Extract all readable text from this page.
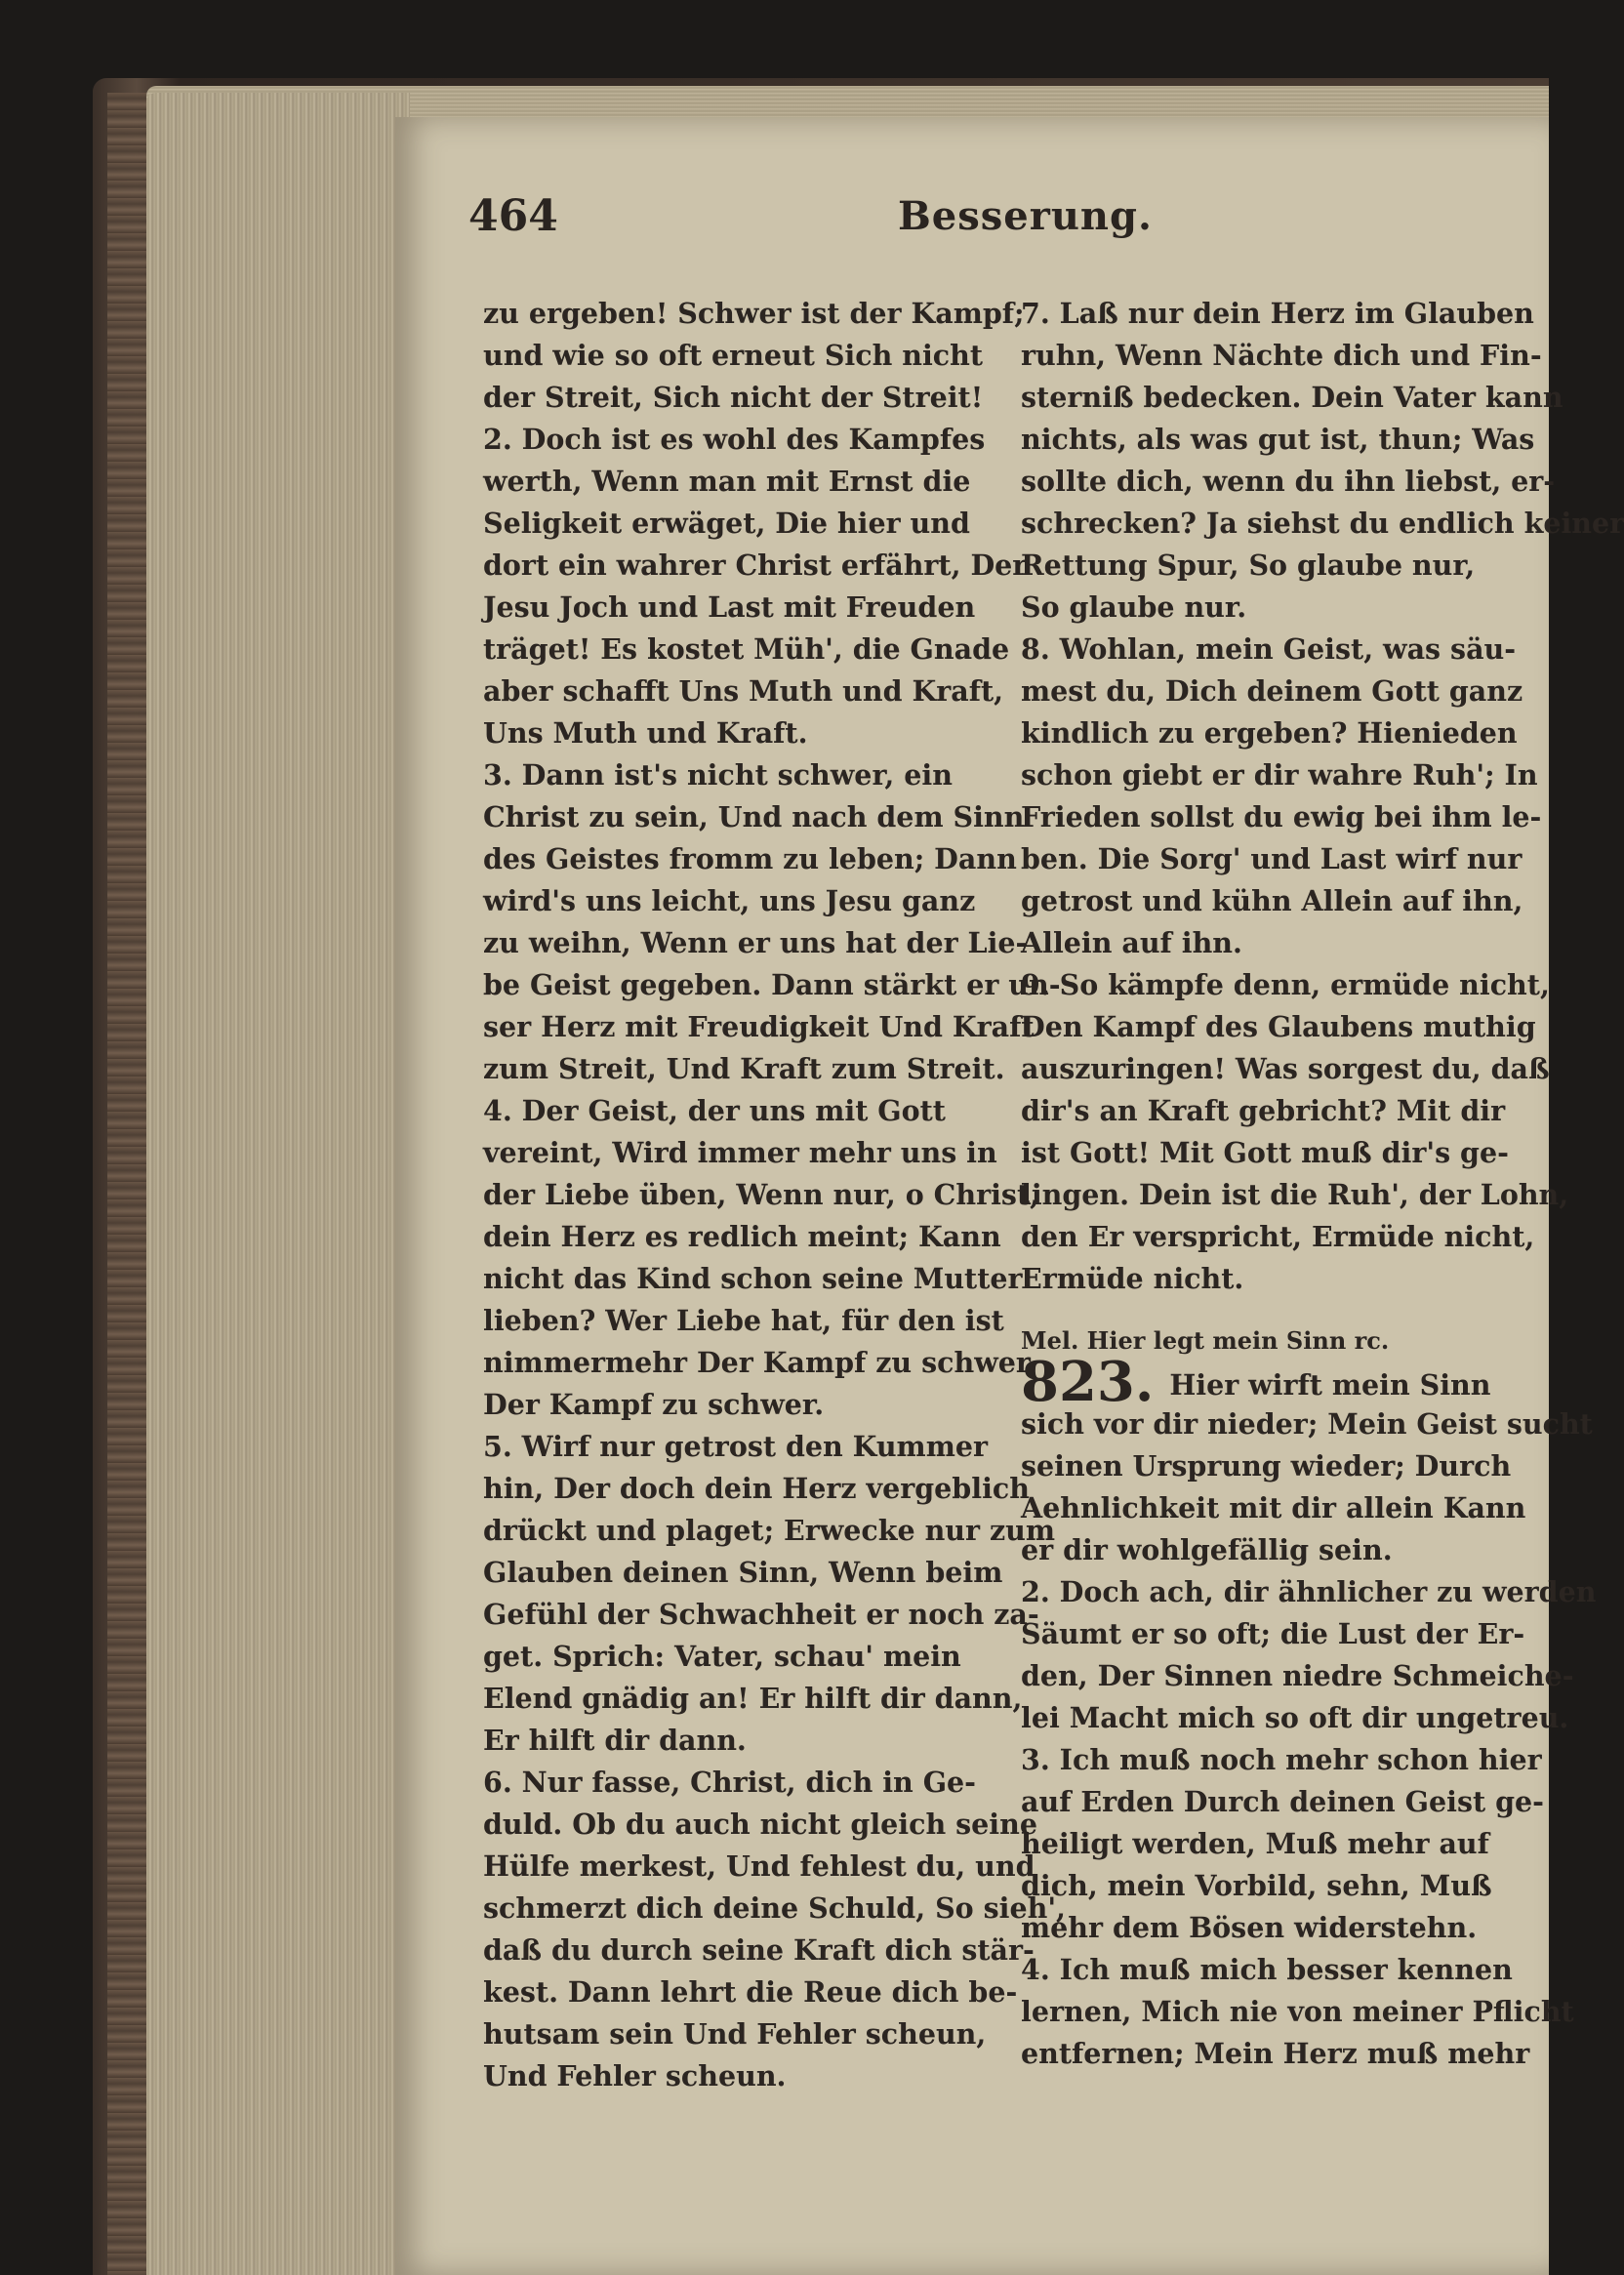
464	Besserung.
zu ergeben! Schwer ist der Kampf;
und wie so oft erneut Sich nicht
der Streit, Sich nicht der Streit!
2. Doch ist es wohl des Kampfes
werth, Wenn man mit Ernst die
Seligkeit erwäget, Die hier und
dort ein wahrer Christ erfährt, Der
Jesu Joch und Last mit Freuden
träget! Es kostet Müh', die Gnade
aber schafft Uns Muth und Kraft,
Uns Muth und Kraft.
3. Dann ist's nicht schwer, ein
Christ zu sein, Und nach dem Sinn
des Geistes fromm zu leben; Dann
wird's uns leicht, uns Jesu ganz
zu weihn, Wenn er uns hat der Lie-
be Geist gegeben. Dann stärkt er un-
ser Herz mit Freudigkeit Und Kraft
zum Streit, Und Kraft zum Streit.
4. Der Geist, der uns mit Gott
vereint, Wird immer mehr uns in
der Liebe üben, Wenn nur, o Christ,
dein Herz es redlich meint; Kann
nicht das Kind schon seine Mutter
lieben? Wer Liebe hat, für den ist
nimmermehr Der Kampf zu schwer,
Der Kampf zu schwer.
5. Wirf nur getrost den Kummer
hin, Der doch dein Herz vergeblich
drückt und plaget; Erwecke nur zum
Glauben deinen Sinn, Wenn beim
Gefühl der Schwachheit er noch za-
get. Sprich: Vater, schau' mein
Elend gnädig an! Er hilft dir dann,
Er hilft dir dann.
6. Nur fasse, Christ, dich in Ge-
duld. Ob du auch nicht gleich seine
Hülfe merkest, Und fehlest du, und
schmerzt dich deine Schuld, So sieh',
daß du durch seine Kraft dich stär-
kest. Dann lehrt die Reue dich be-
hutsam sein Und Fehler scheun,
Und Fehler scheun.
7. Laß nur dein Herz im Glauben
ruhn, Wenn Nächte dich und Fin-
sterniß bedecken. Dein Vater kann
nichts, als was gut ist, thun; Was
sollte dich, wenn du ihn liebst, er-
schrecken? Ja siehst du endlich keiner
Rettung Spur, So glaube nur,
So glaube nur.
8. Wohlan, mein Geist, was säu-
mest du, Dich deinem Gott ganz
kindlich zu ergeben? Hienieden
schon giebt er dir wahre Ruh'; In
Frieden sollst du ewig bei ihm le-
ben. Die Sorg' und Last wirf nur
getrost und kühn Allein auf ihn,
Allein auf ihn.
9. So kämpfe denn, ermüde nicht,
Den Kampf des Glaubens muthig
auszuringen! Was sorgest du, daß
dir's an Kraft gebricht? Mit dir
ist Gott! Mit Gott muß dir's ge-
lingen. Dein ist die Ruh', der Lohn,
den Er verspricht, Ermüde nicht,
Ermüde nicht.
Mel. Hier legt mein Sinn rc.
823. Hier wirft mein Sinn
sich vor dir nieder; Mein Geist sucht
seinen Ursprung wieder; Durch
Aehnlichkeit mit dir allein Kann
er dir wohlgefällig sein.
2. Doch ach, dir ähnlicher zu werden
Säumt er so oft; die Lust der Er-
den, Der Sinnen niedre Schmeiche-
lei Macht mich so oft dir ungetreu.
3. Ich muß noch mehr schon hier
auf Erden Durch deinen Geist ge-
heiligt werden, Muß mehr auf
dich, mein Vorbild, sehn, Muß
mehr dem Bösen widerstehn.
4. Ich muß mich besser kennen
lernen, Mich nie von meiner Pflicht
entfernen; Mein Herz muß mehr
